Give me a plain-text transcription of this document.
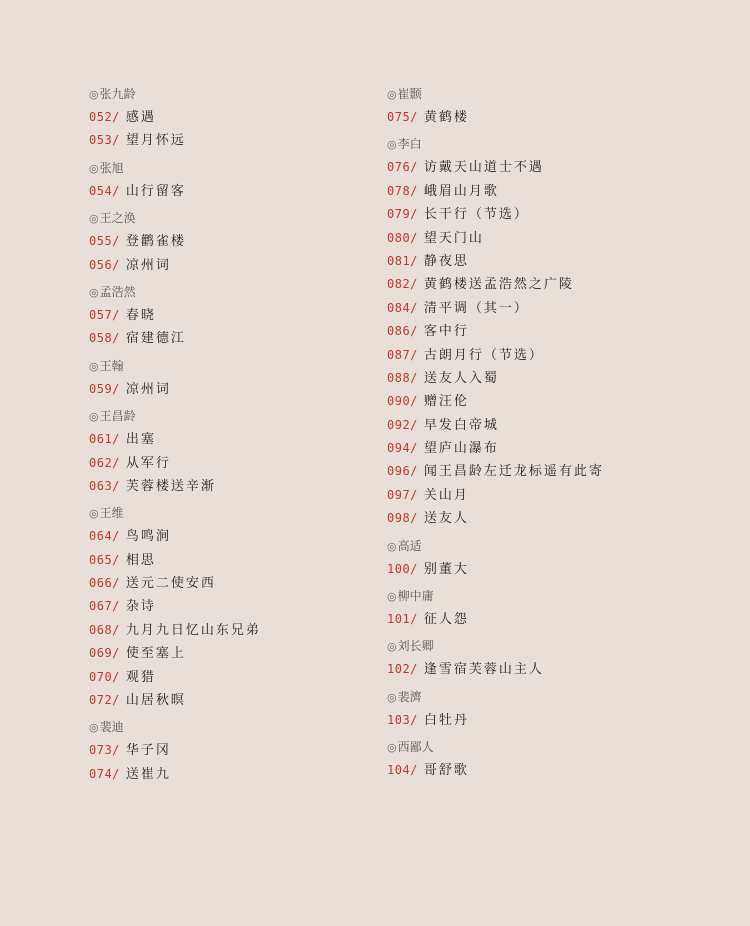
◎张九龄
052/ 感遇
053/ 望月怀远
◎张旭
054/ 山行留客
◎王之涣
055/ 登鹳雀楼
056/ 凉州词
◎孟浩然
057/ 春晓
058/ 宿建德江
◎王翰
059/ 凉州词
◎王昌龄
061/ 出塞
062/ 从军行
063/ 芙蓉楼送辛渐
◎王维
064/ 鸟鸣涧
065/ 相思
066/ 送元二使安西
067/ 杂诗
068/ 九月九日忆山东兄弟
069/ 使至塞上
070/ 观猎
072/ 山居秋暝
◎裴迪
073/ 华子冈
074/ 送崔九
◎崔颢
075/ 黄鹤楼
◎李白
076/ 访戴天山道士不遇
078/ 峨眉山月歌
079/ 长干行（节选）
080/ 望天门山
081/ 静夜思
082/ 黄鹤楼送孟浩然之广陵
084/ 清平调（其一）
086/ 客中行
087/ 古朗月行（节选）
088/ 送友人入蜀
090/ 赠汪伦
092/ 早发白帝城
094/ 望庐山瀑布
096/ 闻王昌龄左迁龙标遥有此寄
097/ 关山月
098/ 送友人
◎高适
100/ 别董大
◎柳中庸
101/ 征人怨
◎刘长卿
102/ 逢雪宿芙蓉山主人
◎裴濟
103/ 白牡丹
◎西鄙人
104/ 哥舒歌
